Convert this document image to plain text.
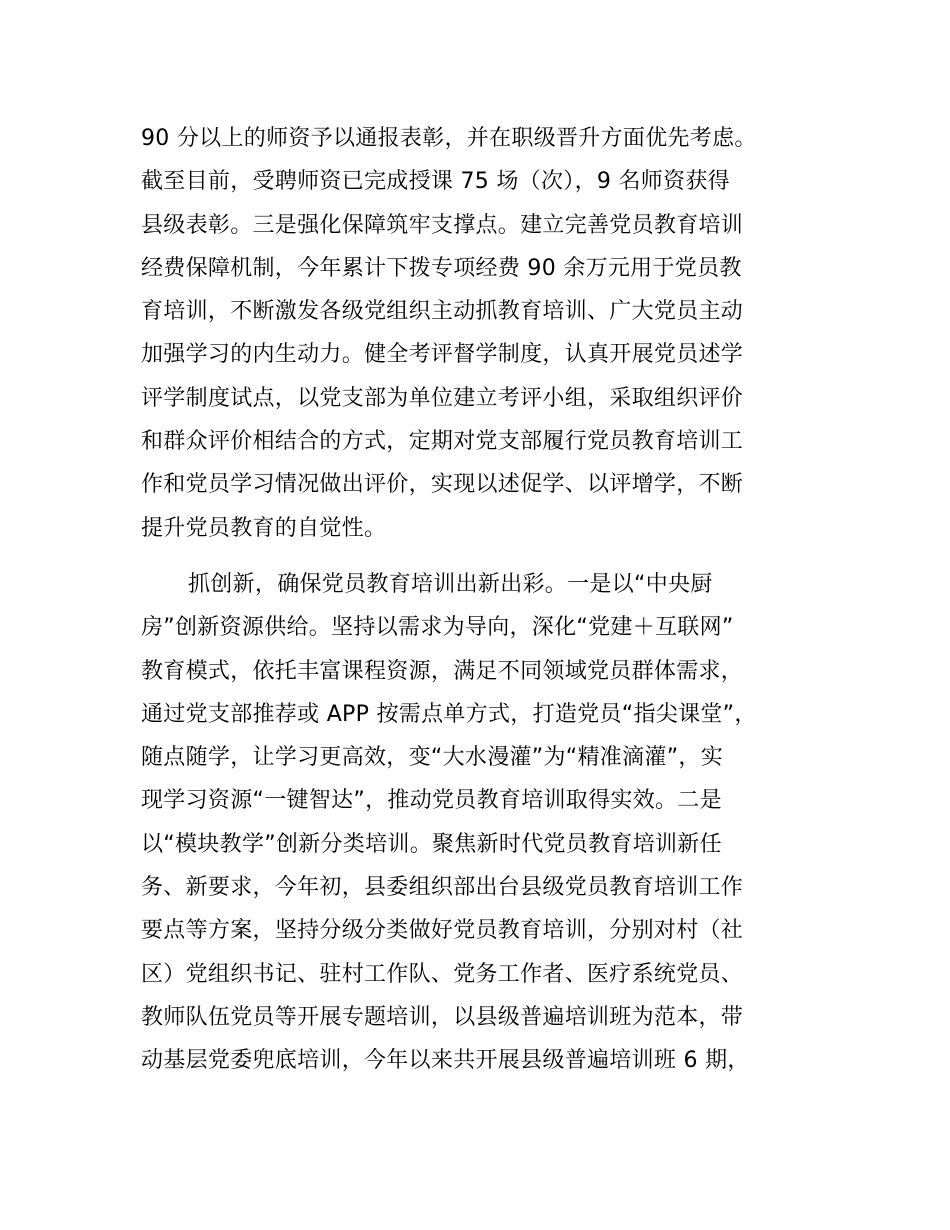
90 分以上的师资予以通报表彰，并在职级晋升方面优先考虑。
截至目前，受聘师资已完成授课 75 场（次），9 名师资获得
县级表彰。三是强化保障筑牢支撑点。建立完善党员教育培训
经费保障机制，今年累计下拨专项经费 90 余万元用于党员教
育培训，不断激发各级党组织主动抓教育培训、广大党员主动
加强学习的内生动力。健全考评督学制度，认真开展党员述学
评学制度试点，以党支部为单位建立考评小组，采取组织评价
和群众评价相结合的方式，定期对党支部履行党员教育培训工
作和党员学习情况做出评价，实现以述促学、以评增学，不断
提升党员教育的自觉性。
抓创新，确保党员教育培训出新出彩。一是以“中央厨
房”创新资源供给。坚持以需求为导向，深化“党建＋互联网”
教育模式，依托丰富课程资源，满足不同领域党员群体需求，
通过党支部推荐或 APP 按需点单方式，打造党员“指尖课堂”，
随点随学，让学习更高效，变“大水漫灌”为“精准滴灌”，实
现学习资源“一键智达”，推动党员教育培训取得实效。二是
以“模块教学”创新分类培训。聚焦新时代党员教育培训新任
务、新要求，今年初，县委组织部出台县级党员教育培训工作
要点等方案，坚持分级分类做好党员教育培训，分别对村（社
区）党组织书记、驻村工作队、党务工作者、医疗系统党员、
教师队伍党员等开展专题培训，以县级普遍培训班为范本，带
动基层党委兜底培训，今年以来共开展县级普遍培训班 6 期，
